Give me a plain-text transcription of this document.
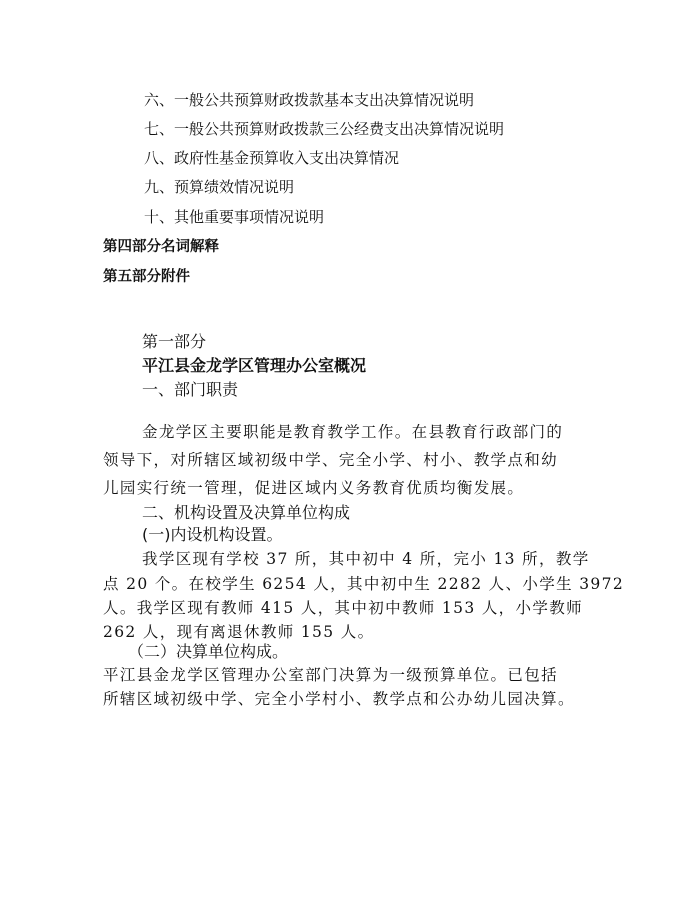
六、一般公共预算财政拨款基本支出决算情况说明
七、一般公共预算财政拨款三公经费支出决算情况说明
八、政府性基金预算收入支出决算情况
九、预算绩效情况说明
十、其他重要事项情况说明
第四部分名词解释
第五部分附件
第一部分
平江县金龙学区管理办公室概况
一、部门职责
金龙学区主要职能是教育教学工作。在县教育行政部门的
领导下，对所辖区域初级中学、完全小学、村小、教学点和幼
儿园实行统一管理，促进区域内义务教育优质均衡发展。
二、机构设置及决算单位构成
(一)内设机构设置。
我学区现有学校 37 所，其中初中 4 所，完小 13 所，教学
点 20 个。在校学生 6254 人，其中初中生 2282 人、小学生 3972
人。我学区现有教师 415 人，其中初中教师 153 人，小学教师
262 人，现有离退休教师 155 人。
（二）决算单位构成。
平江县金龙学区管理办公室部门决算为一级预算单位。已包括
所辖区域初级中学、完全小学村小、教学点和公办幼儿园决算。
